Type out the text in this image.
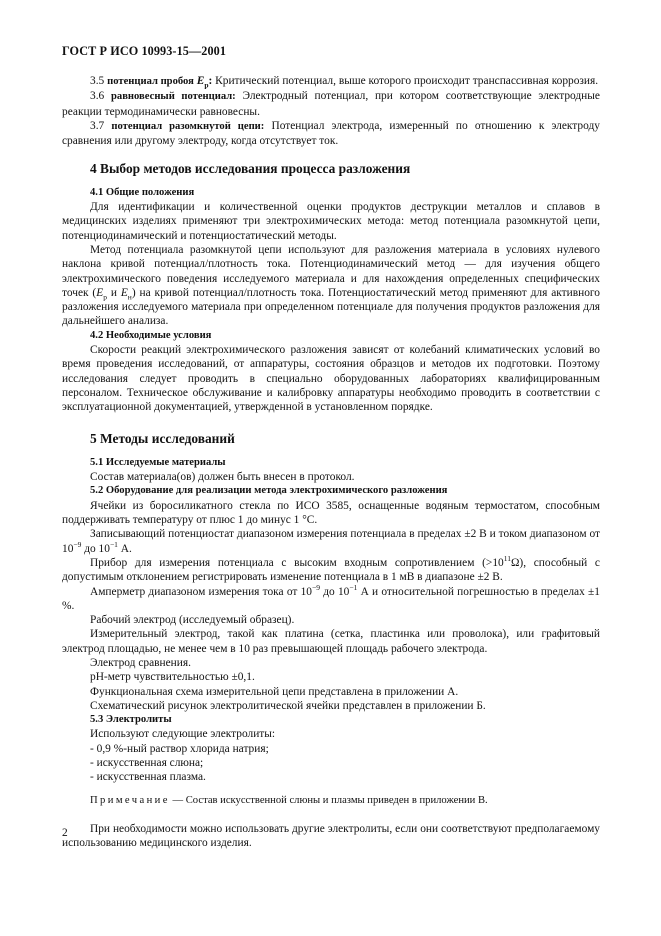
ГОСТ Р ИСО 10993-15—2001

3.5 потенциал пробоя $E_р$: Критический потенциал, выше которого происходит транспассивная коррозия.

3.6 равновесный потенциал: Электродный потенциал, при котором соответствующие электродные реакции термодинамически равновесны.

3.7 потенциал разомкнутой цепи: Потенциал электрода, измеренный по отношению к электроду сравнения или другому электроду, когда отсутствует ток.

4 Выбор методов исследования процесса разложения
4.1 Общие положения

Для идентификации и количественной оценки продуктов деструкции металлов и сплавов в медицинских изделиях применяют три электрохимических метода: метод потенциала разомкнутой цепи, потенциодинамический и потенциостатический методы.

Метод потенциала разомкнутой цепи используют для разложения материала в условиях нулевого наклона кривой потенциал/плотность тока. Потенциодинамический метод — для изучения общего электрохимического поведения исследуемого материала и для нахождения определенных специфических точек ($E_р$ и $E_н$) на кривой потенциал/плотность тока. Потенциостатический метод применяют для активного разложения исследуемого материала при определенном потенциале для получения продуктов разложения для дальнейшего анализа.

4.2 Необходимые условия

Скорости реакций электрохимического разложения зависят от колебаний климатических условий во время проведения исследований, от аппаратуры, состояния образцов и методов их подготовки. Поэтому исследования следует проводить в специально оборудованных лабораториях квалифицированным персоналом. Техническое обслуживание и калибровку аппаратуры необходимо проводить в соответствии с эксплуатационной документацией, утвержденной в установленном порядке.

5 Методы исследований
5.1 Исследуемые материалы

Состав материала(ов) должен быть внесен в протокол.

5.2 Оборудование для реализации метода электрохимического разложения

Ячейки из боросиликатного стекла по ИСО 3585, оснащенные водяным термостатом, способным поддерживать температуру от плюс 1 до минус 1 °С.

Записывающий потенциостат диапазоном измерения потенциала в пределах ±2 В и током диапазоном от $10^{-9}$ до $10^{-1}$ А.

Прибор для измерения потенциала с высоким входным сопротивлением $(>10^{11}\Omega)$, способный с допустимым отклонением регистрировать изменение потенциала в 1 мВ в диапазоне ±2 В.

Амперметр диапазоном измерения тока от $10^{-9}$ до $10^{-1}$ А и относительной погрешностью в пределах ±1 %.

Рабочий электрод (исследуемый образец).

Измерительный электрод, такой как платина (сетка, пластинка или проволока), или графитовый электрод площадью, не менее чем в 10 раз превышающей площадь рабочего электрода.

Электрод сравнения.

pH-метр чувствительностью ±0,1.

Функциональная схема измерительной цепи представлена в приложении А.

Схематический рисунок электролитической ячейки представлен в приложении Б.

5.3 Электролиты

Используют следующие электролиты:

- 0,9 %-ный раствор хлорида натрия;

- искусственная слюна;

- искусственная плазма.

Примечание — Состав искусственной слюны и плазмы приведен в приложении В.

При необходимости можно использовать другие электролиты, если они соответствуют предполагаемому использованию медицинского изделия.

2
